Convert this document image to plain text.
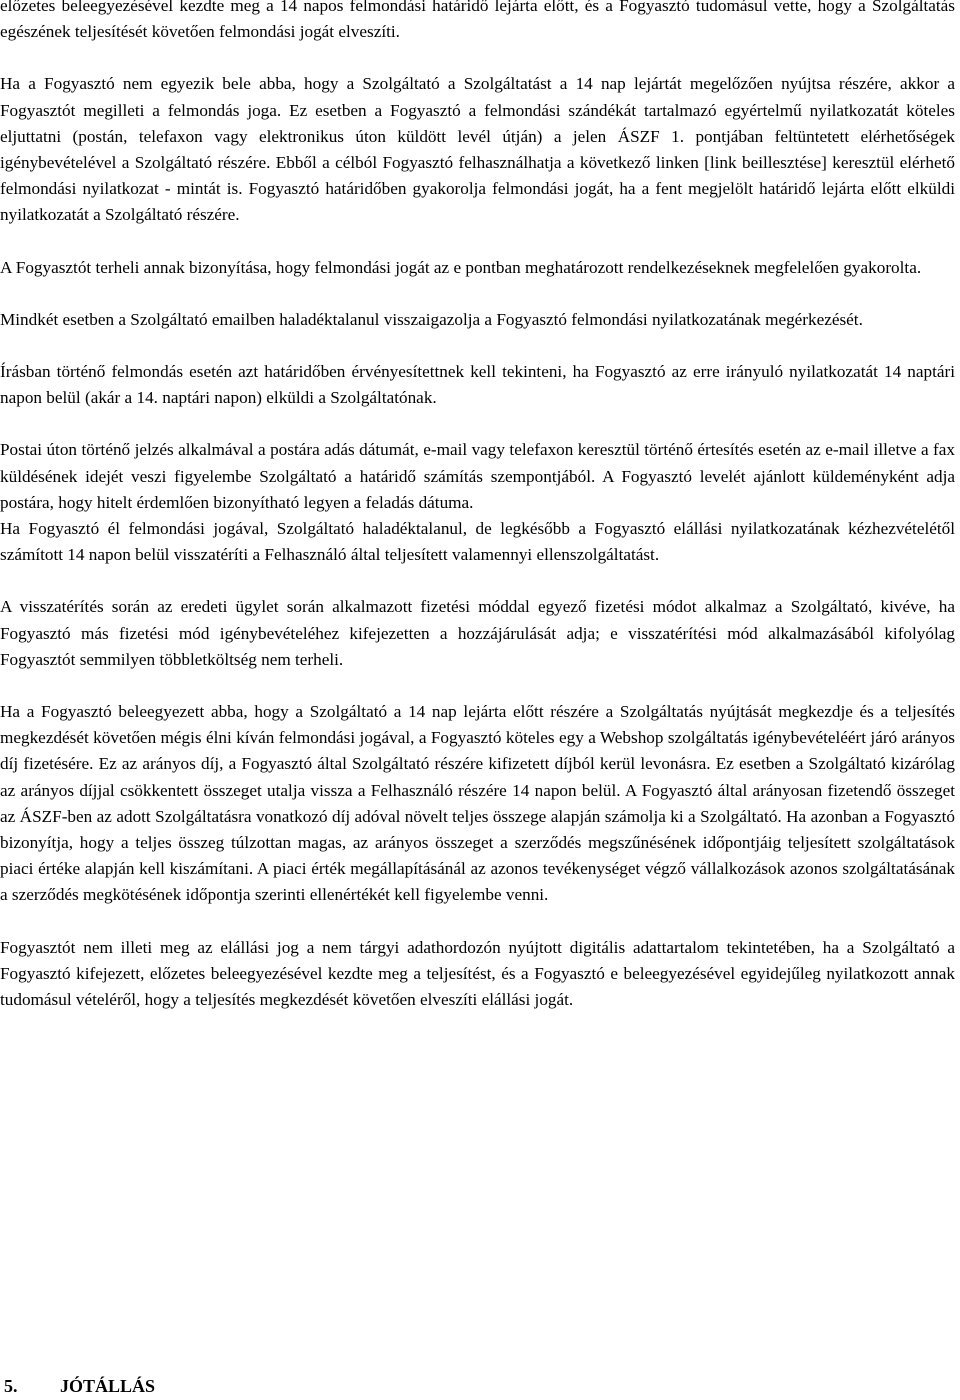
előzetes beleegyezésével kezdte meg a 14 napos felmondási határidő lejárta előtt, és a Fogyasztó tudomásul vette, hogy a Szolgáltatás egészének teljesítését követően felmondási jogát elveszíti.

Ha a Fogyasztó nem egyezik bele abba, hogy a Szolgáltató a Szolgáltatást a 14 nap lejártát megelőzően nyújtsa részére, akkor a Fogyasztót megilleti a felmondás joga. Ez esetben a Fogyasztó a felmondási szándékát tartalmazó egyértelmű nyilatkozatát köteles eljuttatni (postán, telefaxon vagy elektronikus úton küldött levél útján) a jelen ÁSZF 1. pontjában feltüntetett elérhetőségek igénybevételével a Szolgáltató részére. Ebből a célból Fogyasztó felhasználhatja a következő linken [link beillesztése] keresztül elérhető felmondási nyilatkozat - mintát is. Fogyasztó határidőben gyakorolja felmondási jogát, ha a fent megjelölt határidő lejárta előtt elküldi nyilatkozatát a Szolgáltató részére.

A Fogyasztót terheli annak bizonyítása, hogy felmondási jogát az e pontban meghatározott rendelkezéseknek megfelelően gyakorolta.

Mindkét esetben a Szolgáltató emailben haladéktalanul visszaigazolja a Fogyasztó felmondási nyilatkozatának megérkezését.

Írásban történő felmondás esetén azt határidőben érvényesítettnek kell tekinteni, ha Fogyasztó az erre irányuló nyilatkozatát 14 naptári napon belül (akár a 14. naptári napon) elküldi a Szolgáltatónak.

Postai úton történő jelzés alkalmával a postára adás dátumát, e-mail vagy telefaxon keresztül történő értesítés esetén az e-mail illetve a fax küldésének idejét veszi figyelembe Szolgáltató a határidő számítás szempontjából. A Fogyasztó levelét ajánlott küldeményként adja postára, hogy hitelt érdemlően bizonyítható legyen a feladás dátuma.

Ha Fogyasztó él felmondási jogával, Szolgáltató haladéktalanul, de legkésőbb a Fogyasztó elállási nyilatkozatának kézhezvételétől számított 14 napon belül visszatéríti a Felhasználó által teljesített valamennyi ellenszolgáltatást.

A visszatérítés során az eredeti ügylet során alkalmazott fizetési móddal egyező fizetési módot alkalmaz a Szolgáltató, kivéve, ha Fogyasztó más fizetési mód igénybevételéhez kifejezetten a hozzájárulását adja; e visszatérítési mód alkalmazásából kifolyólag Fogyasztót semmilyen többletköltség nem terheli.

Ha a Fogyasztó beleegyezett abba, hogy a Szolgáltató a 14 nap lejárta előtt részére a Szolgáltatás nyújtását megkezdje és a teljesítés megkezdését követően mégis élni kíván felmondási jogával, a Fogyasztó köteles egy a Webshop szolgáltatás igénybevételéért járó arányos díj fizetésére. Ez az arányos díj, a Fogyasztó által Szolgáltató részére kifizetett díjból kerül levonásra. Ez esetben a Szolgáltató kizárólag az arányos díjjal csökkentett összeget utalja vissza a Felhasználó részére 14 napon belül. A Fogyasztó által arányosan fizetendő összeget az ÁSZF-ben az adott Szolgáltatásra vonatkozó díj adóval növelt teljes összege alapján számolja ki a Szolgáltató. Ha azonban a Fogyasztó bizonyítja, hogy a teljes összeg túlzottan magas, az arányos összeget a szerződés megszűnésének időpontjáig teljesített szolgáltatások piaci értéke alapján kell kiszámítani. A piaci érték megállapításánál az azonos tevékenységet végző vállalkozások azonos szolgáltatásának a szerződés megkötésének időpontja szerinti ellenértékét kell figyelembe venni.

Fogyasztót nem illeti meg az elállási jog a nem tárgyi adathordozón nyújtott digitális adattartalom tekintetében, ha a Szolgáltató a Fogyasztó kifejezett, előzetes beleegyezésével kezdte meg a teljesítést, és a Fogyasztó e beleegyezésével egyidejűleg nyilatkozott annak tudomásul vételéről, hogy a teljesítés megkezdését követően elveszíti elállási jogát.

5. JÓTÁLLÁS
